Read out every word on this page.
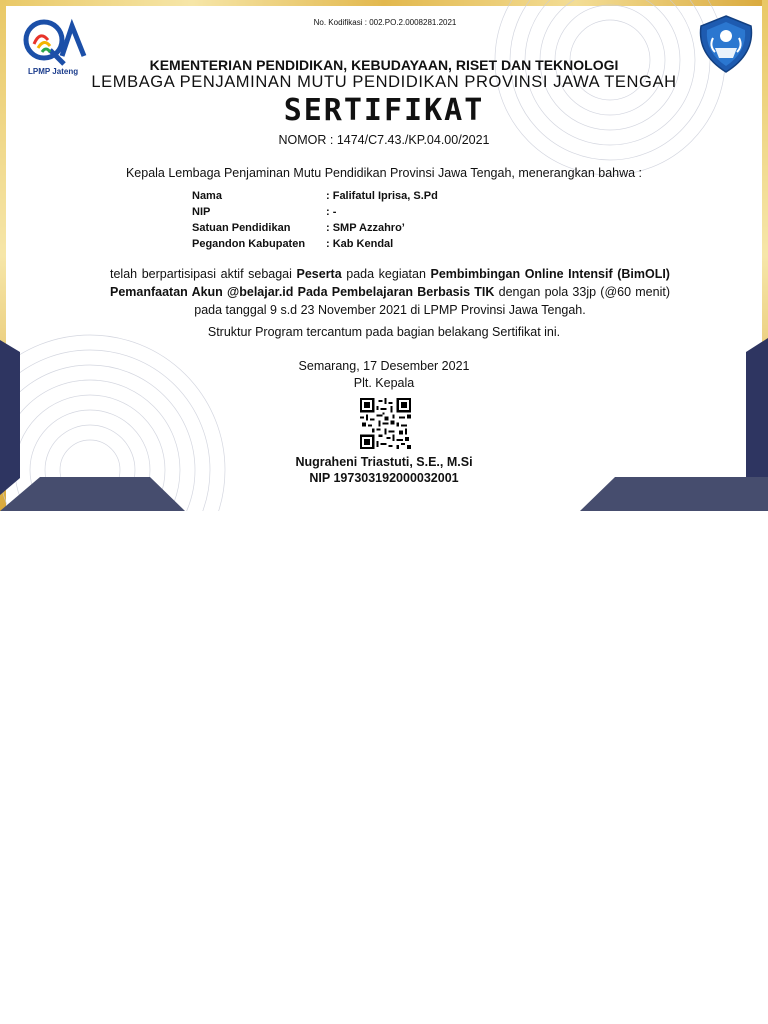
No. Kodifikasi : 002.PO.2.0008281.2021
LPMP Jateng	KEMENTERIAN PENDIDIKAN, KEBUDAYAAN, RISET DAN TEKNOLOGI
LEMBAGA PENJAMINAN MUTU PENDIDIKAN PROVINSI JAWA TENGAH
SERTIFIKAT
NOMOR : 1474/C7.43./KP.04.00/2021
Kepala Lembaga Penjaminan Mutu Pendidikan Provinsi Jawa Tengah, menerangkan bahwa :
Nama	: Falifatul Iprisa, S.Pd
NIP	: -
Satuan Pendidikan	: SMP Azzahro’
Pegandon Kabupaten : Kab Kendal
telah berpartisipasi aktif sebagai Peserta pada kegiatan Pembimbingan Online Intensif (BimOLI) Pemanfaatan Akun @belajar.id Pada Pembelajaran Berbasis TIK dengan pola 33jp (@60 menit) pada tanggal 9 s.d 23 November 2021 di LPMP Provinsi Jawa Tengah.
Struktur Program tercantum pada bagian belakang Sertifikat ini.
Semarang, 17 Desember 2021
Plt. Kepala
Nugraheni Triastuti, S.E., M.Si
NIP 197303192000032001
